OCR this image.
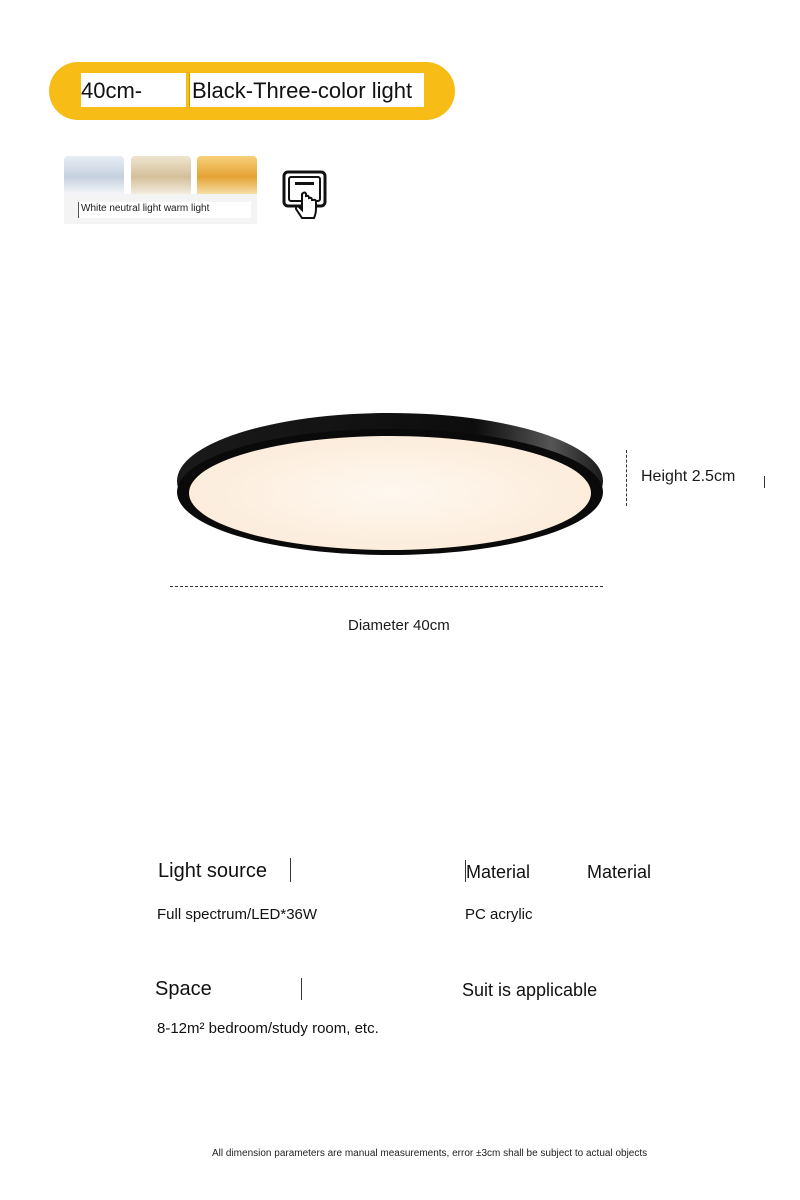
40cm-	Black-Three-color light
White neutral light warm light
Height 2.5cm
Diameter 40cm
Light source
Full spectrum/LED*36W
Material	Material
PC acrylic
Space
8-12m² bedroom/study room, etc.
Suit is applicable
All dimension parameters are manual measurements, error ±3cm shall be subject to actual objects
